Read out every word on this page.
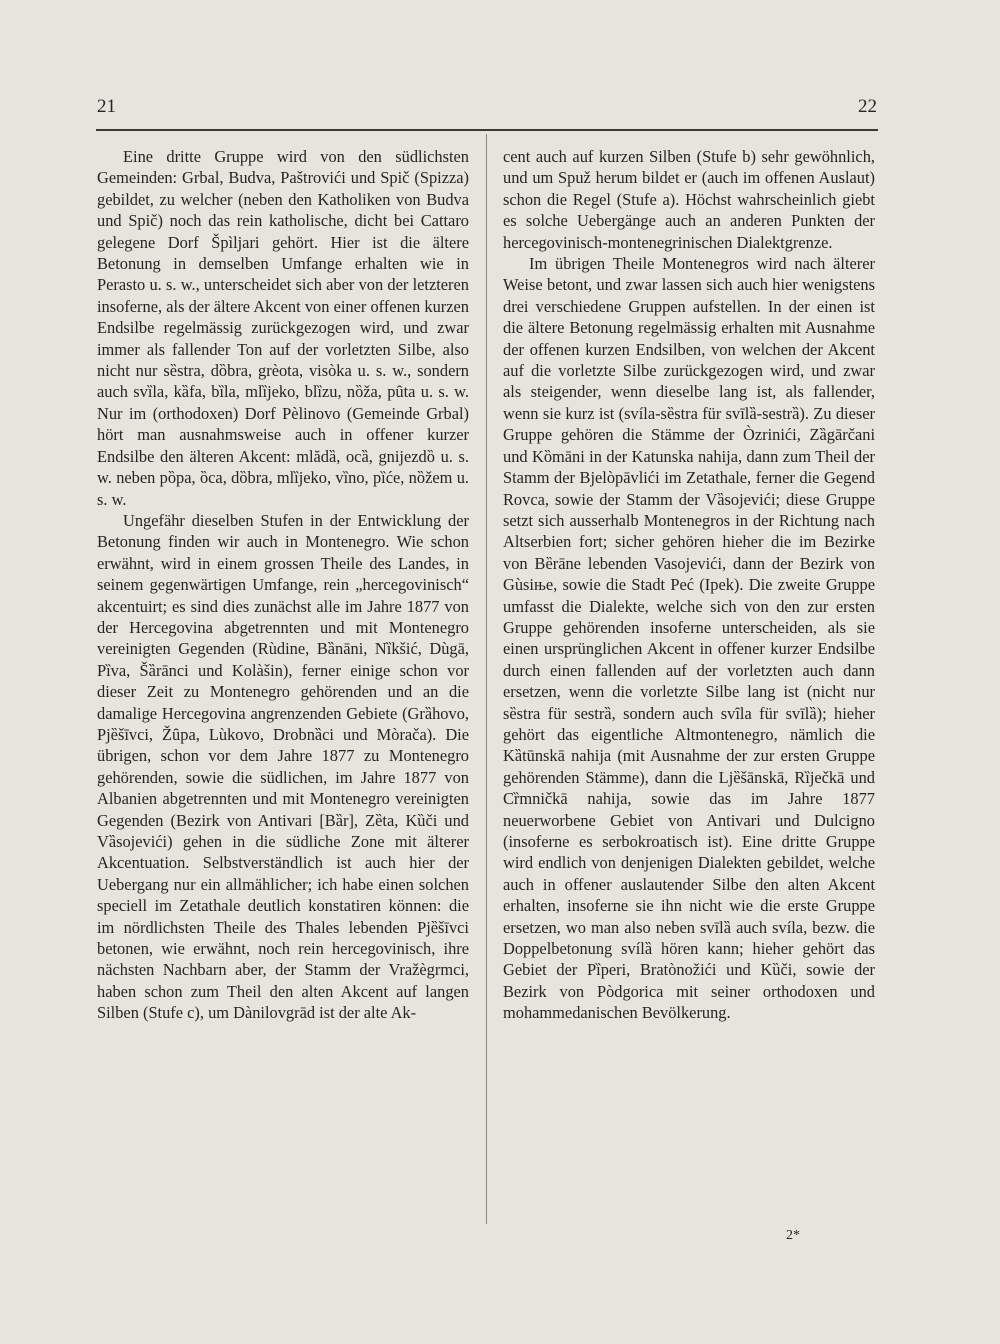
21	22

Eine dritte Gruppe wird von den südlichsten Gemeinden: Grbal, Budva, Paštrovići und Spič (Spizza) gebildet, zu welcher (neben den Katholiken von Budva und Spič) noch das rein katholische, dicht bei Cattaro gelegene Dorf Špìljari gehört. Hier ist die ältere Betonung in demselben Umfange erhalten wie in Perasto u. s. w., unterscheidet sich aber von der letzteren insoferne, als der ältere Akcent von einer offenen kurzen Endsilbe regelmässig zurückgezogen wird, und zwar immer als fallender Ton auf der vorletzten Silbe, also nicht nur sȅstra, dȍbra, grèota, visòka u. s. w., sondern auch svȉla, kȁfa, bȉla, mlȉjeko, blȉzu, nȍža, pȗta u. s. w. Nur im (orthodoxen) Dorf Pèlinovo (Gemeinde Grbal) hört man ausnahmsweise auch in offener kurzer Endsilbe den älteren Akcent: mlădȁ, ocȁ, gnijezdȍ u. s. w. neben pȍpa, ȍca, dȍbra, mlȉjeko, vȉno, pȉće, nȍžem u. s. w.

Ungefähr dieselben Stufen in der Entwicklung der Betonung finden wir auch in Montenegro. Wie schon erwähnt, wird in einem grossen Theile des Landes, in seinem gegenwärtigen Umfange, rein „hercegovinisch“ akcentuirt; es sind dies zunächst alle im Jahre 1877 von der Hercegovina abgetrennten und mit Montenegro vereinigten Gegenden (Rùdine, Bȁnāni, Nȉkšić, Dùgā, Pȉva, Šȁrānci und Kolàšin), ferner einige schon vor dieser Zeit zu Montenegro gehörenden und an die damalige Hercegovina angrenzenden Gebiete (Grȁhovo, Pjȅšīvci, Žȗpa, Lùkovo, Drobnȁci und Mòrača). Die übrigen, schon vor dem Jahre 1877 zu Montenegro gehörenden, sowie die südlichen, im Jahre 1877 von Albanien abgetrennten und mit Montenegro vereinigten Gegenden (Bezirk von Antivari [Bȁr], Zȅta, Kȕči und Vȁsojevići) gehen in die südliche Zone mit älterer Akcentuation. Selbstverständlich ist auch hier der Uebergang nur ein allmählicher; ich habe einen solchen speciell im Zetathale deutlich konstatiren können: die im nördlichsten Theile des Thales lebenden Pjȅšīvci betonen, wie erwähnt, noch rein hercegovinisch, ihre nächsten Nachbarn aber, der Stamm der Vražègrmci, haben schon zum Theil den alten Akcent auf langen Silben (Stufe c), um Dànilovgrād ist der alte Ak-

cent auch auf kurzen Silben (Stufe b) sehr gewöhnlich, und um Spuž herum bildet er (auch im offenen Auslaut) schon die Regel (Stufe a). Höchst wahrscheinlich giebt es solche Uebergänge auch an anderen Punkten der hercegovinisch-montenegrinischen Dialektgrenze.

Im übrigen Theile Montenegros wird nach älterer Weise betont, und zwar lassen sich auch hier wenigstens drei verschiedene Gruppen aufstellen. In der einen ist die ältere Betonung regelmässig erhalten mit Ausnahme der offenen kurzen Endsilben, von welchen der Akcent auf die vorletzte Silbe zurückgezogen wird, und zwar als steigender, wenn dieselbe lang ist, als fallender, wenn sie kurz ist (svíla-sȅstra für svīlȁ-sestrȁ). Zu dieser Gruppe gehören die Stämme der Òzrinići, Zȁgārčani und Kȍmāni in der Katunska nahija, dann zum Theil der Stamm der Bjelòpāvlići im Zetathale, ferner die Gegend Rovca, sowie der Stamm der Vȁsojevići; diese Gruppe setzt sich ausserhalb Montenegros in der Richtung nach Altserbien fort; sicher gehören hieher die im Bezirke von Bȅrāne lebenden Vasojevići, dann der Bezirk von Gùsiње, sowie die Stadt Peć (Ipek). Die zweite Gruppe umfasst die Dialekte, welche sich von den zur ersten Gruppe gehörenden insoferne unterscheiden, als sie einen ursprünglichen Akcent in offener kurzer Endsilbe durch einen fallenden auf der vorletzten auch dann ersetzen, wenn die vorletzte Silbe lang ist (nicht nur sȅstra für sestrȁ, sondern auch svȋla für svīlȁ); hieher gehört das eigentliche Altmontenegro, nämlich die Kȁtūnskā nahija (mit Ausnahme der zur ersten Gruppe gehörenden Stämme), dann die Ljȅšānskā, Rȉječkā und Cȑmničkā nahija, sowie das im Jahre 1877 neuerworbene Gebiet von Antivari und Dulcigno (insoferne es serbokroatisch ist). Eine dritte Gruppe wird endlich von denjenigen Dialekten gebildet, welche auch in offener auslautender Silbe den alten Akcent erhalten, insoferne sie ihn nicht wie die erste Gruppe ersetzen, wo man also neben svīlȁ auch svíla, bezw. die Doppelbetonung svílȁ hören kann; hieher gehört das Gebiet der Pȉperi, Bratònožići und Kȕči, sowie der Bezirk von Pòdgorica mit seiner orthodoxen und mohammedanischen Bevölkerung.

2*
